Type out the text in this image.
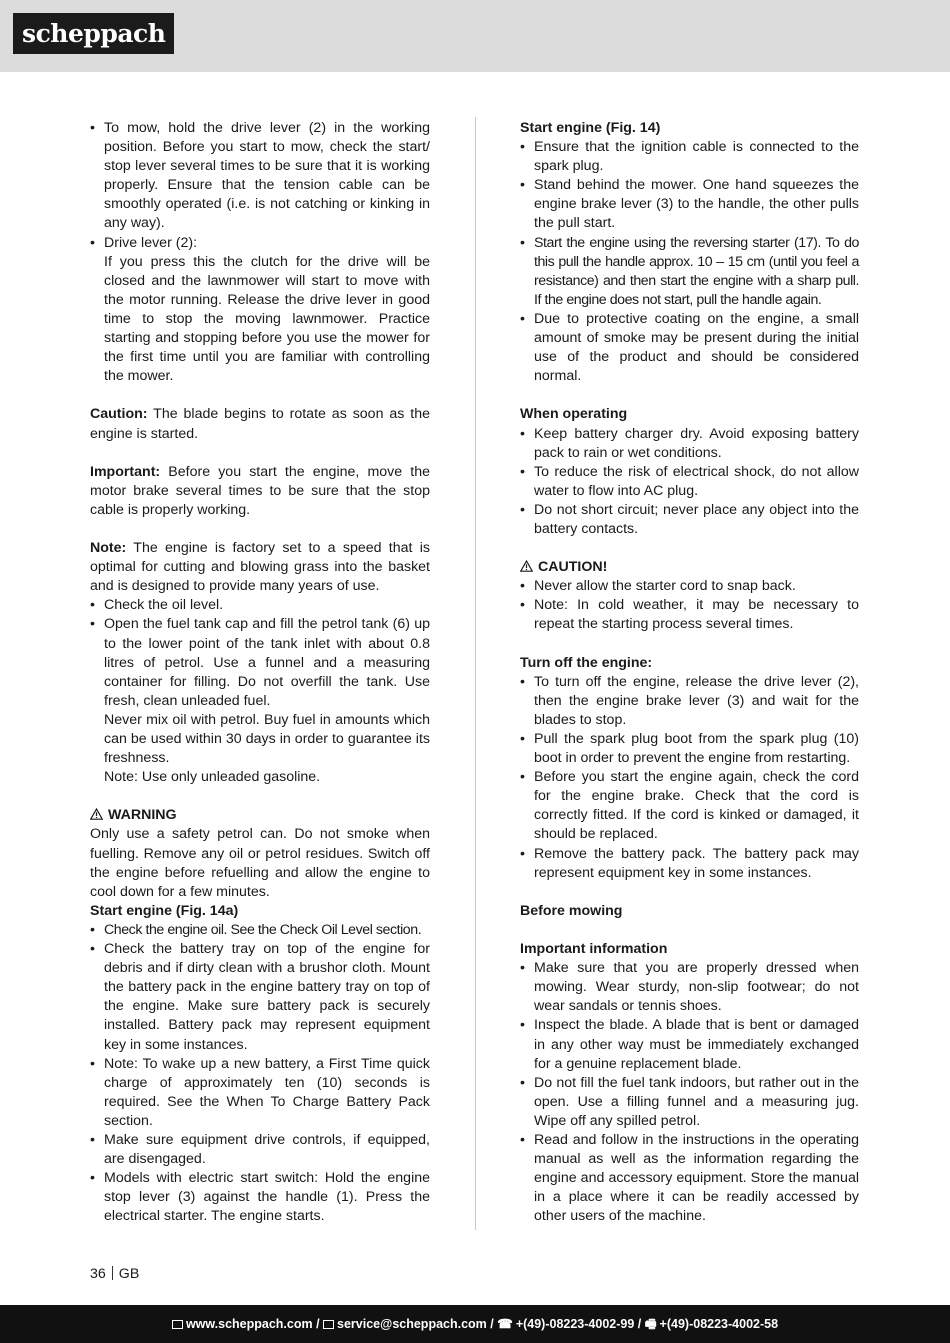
scheppach
• To mow, hold the drive lever (2) in the working position. Before you start to mow, check the start/ stop lever several times to be sure that it is working properly. Ensure that the tension cable can be smoothly operated (i.e. is not catching or kinking in any way).
• Drive lever (2):
If you press this the clutch for the drive will be closed and the lawnmower will start to move with the motor running. Release the drive lever in good time to stop the moving lawnmower. Practice starting and stopping before you use the mower for the first time until you are familiar with controlling the mower.

Caution: The blade begins to rotate as soon as the engine is started.

Important: Before you start the engine, move the motor brake several times to be sure that the stop cable is properly working.

Note: The engine is factory set to a speed that is optimal for cutting and blowing grass into the basket and is designed to provide many years of use.

• Check the oil level.
• Open the fuel tank cap and fill the petrol tank (6) up to the lower point of the tank inlet with about 0.8 litres of petrol. Use a funnel and a measuring container for filling. Do not overfill the tank. Use fresh, clean unleaded fuel.
Never mix oil with petrol. Buy fuel in amounts which can be used within 30 days in order to guarantee its freshness.
Note: Use only unleaded gasoline.
WARNING

Only use a safety petrol can. Do not smoke when fuelling. Remove any oil or petrol residues. Switch off the engine before refuelling and allow the engine to cool down for a few minutes.

Start engine (Fig. 14a)
• Check the engine oil. See the Check Oil Level section.
• Check the battery tray on top of the engine for debris and if dirty clean with a brushor cloth. Mount the battery pack in the engine battery tray on top of the engine. Make sure battery pack is securely installed. Battery pack may represent equipment key in some instances.
• Note: To wake up a new battery, a First Time quick charge of approximately ten (10) seconds is required. See the When To Charge Battery Pack section.
• Make sure equipment drive controls, if equipped, are disengaged.
• Models with electric start switch: Hold the engine stop lever (3) against the handle (1). Press the electrical starter. The engine starts.
Start engine (Fig. 14)
• Ensure that the ignition cable is connected to the spark plug.
• Stand behind the mower. One hand squeezes the engine brake lever (3) to the handle, the other pulls the pull start.
• Start the engine using the reversing starter (17). To do this pull the handle approx. 10 – 15 cm (until you feel a resistance) and then start the engine with a sharp pull. If the engine does not start, pull the handle again.
• Due to protective coating on the engine, a small amount of smoke may be present during the initial use of the product and should be considered normal.
When operating
• Keep battery charger dry. Avoid exposing battery pack to rain or wet conditions.
• To reduce the risk of electrical shock, do not allow water to flow into AC plug.
• Do not short circuit; never place any object into the battery contacts.
CAUTION!
• Never allow the starter cord to snap back.
• Note: In cold weather, it may be necessary to repeat the starting process several times.
Turn off the engine:
• To turn off the engine, release the drive lever (2), then the engine brake lever (3) and wait for the blades to stop.
• Pull the spark plug boot from the spark plug (10) boot in order to prevent the engine from restarting.
• Before you start the engine again, check the cord for the engine brake. Check that the cord is correctly fitted. If the cord is kinked or damaged, it should be replaced.
• Remove the battery pack. The battery pack may represent equipment key in some instances.
Before mowing
Important information
• Make sure that you are properly dressed when mowing. Wear sturdy, non-slip footwear; do not wear sandals or tennis shoes.
• Inspect the blade. A blade that is bent or damaged in any other way must be immediately exchanged for a genuine replacement blade.
• Do not fill the fuel tank indoors, but rather out in the open. Use a filling funnel and a measuring jug. Wipe off any spilled petrol.
• Read and follow in the instructions in the operating manual as well as the information regarding the engine and accessory equipment. Store the manual in a place where it can be readily accessed by other users of the machine.
36 GB
www.scheppach.com / service@scheppach.com / ☎ +(49)-08223-4002-99 / 🖷 +(49)-08223-4002-58
